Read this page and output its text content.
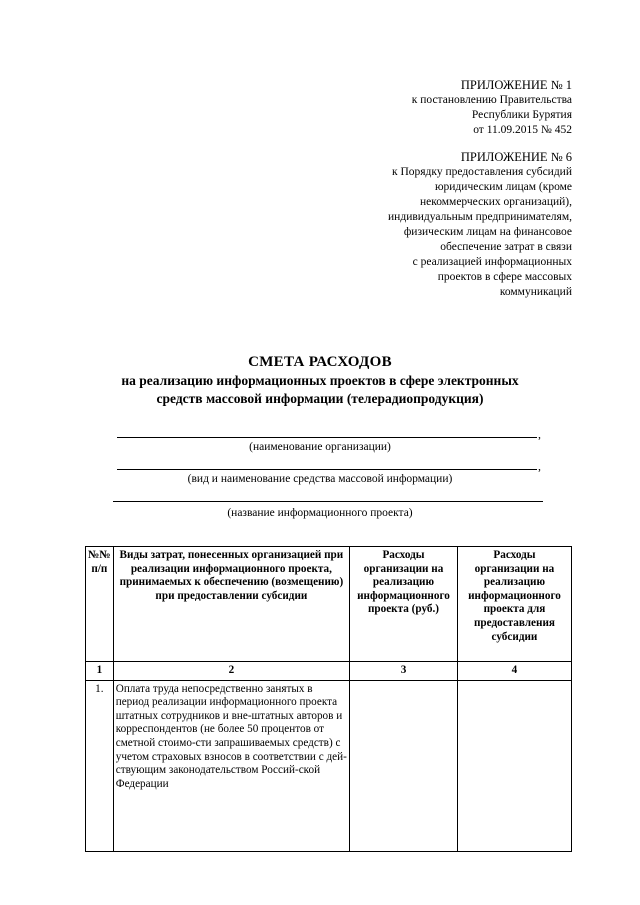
ПРИЛОЖЕНИЕ № 1
к постановлению Правительства
Республики Бурятия
от 11.09.2015 № 452
ПРИЛОЖЕНИЕ № 6
к Порядку предоставления субсидий
юридическим лицам (кроме
некоммерческих организаций),
индивидуальным предпринимателям,
физическим лицам на финансовое
обеспечение затрат в связи
с реализацией информационных
проектов в сфере массовых
коммуникаций
СМЕТА РАСХОДОВ
на реализацию информационных проектов в сфере электронных
средств массовой информации (телерадиопродукция)
,
(наименование организации)
,
(вид и наименование средства массовой информации)
(название информационного проекта)
№№ п/п	Виды затрат, понесенных организацией при реализации информационного проекта, принимаемых к обеспечению (возмещению) при предоставлении субсидии	Расходы организации на реализацию информационного проекта (руб.)	Расходы организации на реализацию информационного проекта для предоставления субсидии
1	2	3	4
1.	Оплата труда непосредственно занятых в период реализации информационного проекта штатных сотрудников и вне-штатных авторов и корреспондентов (не более 50 процентов от сметной стоимо-сти запрашиваемых средств) с учетом страховых взносов в соответствии с дей-ствующим законодательством Россий-ской Федерации		
